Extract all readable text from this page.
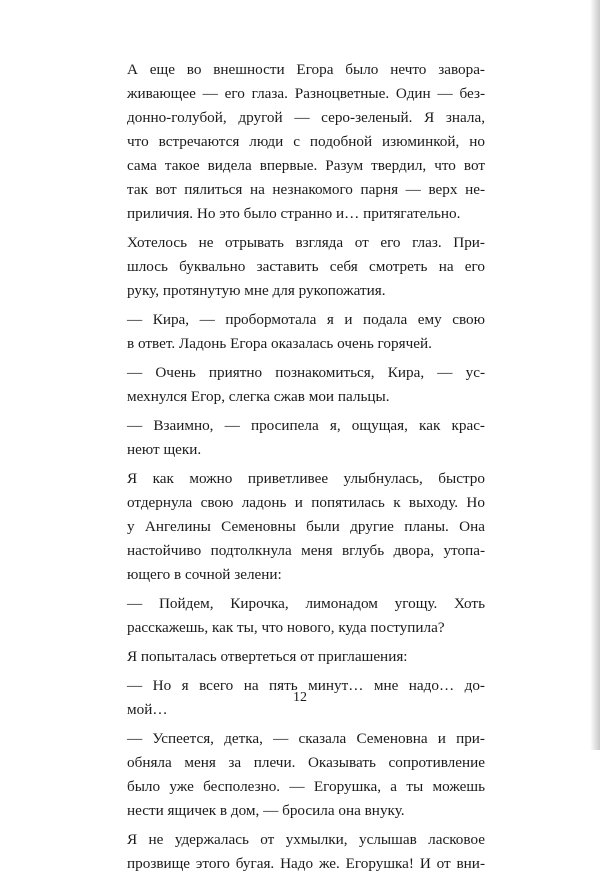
А еще во внешности Егора было нечто завора-
живающее — его глаза. Разноцветные. Один — без-
донно-голубой, другой — серо-зеленый. Я знала,
что встречаются люди с подобной изюминкой, но
сама такое видела впервые. Разум твердил, что вот
так вот пялиться на незнакомого парня — верх не-
приличия. Но это было странно и… притягательно.
Хотелось не отрывать взгляда от его глаз. При-
шлось буквально заставить себя смотреть на его
руку, протянутую мне для рукопожатия.
— Кира, — пробормотала я и подала ему свою
в ответ. Ладонь Егора оказалась очень горячей.
— Очень приятно познакомиться, Кира, — ус-
мехнулся Егор, слегка сжав мои пальцы.
— Взаимно, — просипела я, ощущая, как крас-
неют щеки.
Я как можно приветливее улыбнулась, быстро
отдернула свою ладонь и попятилась к выходу. Но
у Ангелины Семеновны были другие планы. Она
настойчиво подтолкнула меня вглубь двора, утопа-
ющего в сочной зелени:
— Пойдем, Кирочка, лимонадом угощу. Хоть
расскажешь, как ты, что нового, куда поступила?
Я попыталась отвертеться от приглашения:
— Но я всего на пять минут… мне надо… до-
мой…
— Успеется, детка, — сказала Семеновна и при-
обняла меня за плечи. Оказывать сопротивление
было уже бесполезно. — Егорушка, а ты можешь
нести ящичек в дом, — бросила она внуку.
Я не удержалась от ухмылки, услышав ласковое
прозвище этого бугая. Надо же. Егорушка! И от вни-
12
